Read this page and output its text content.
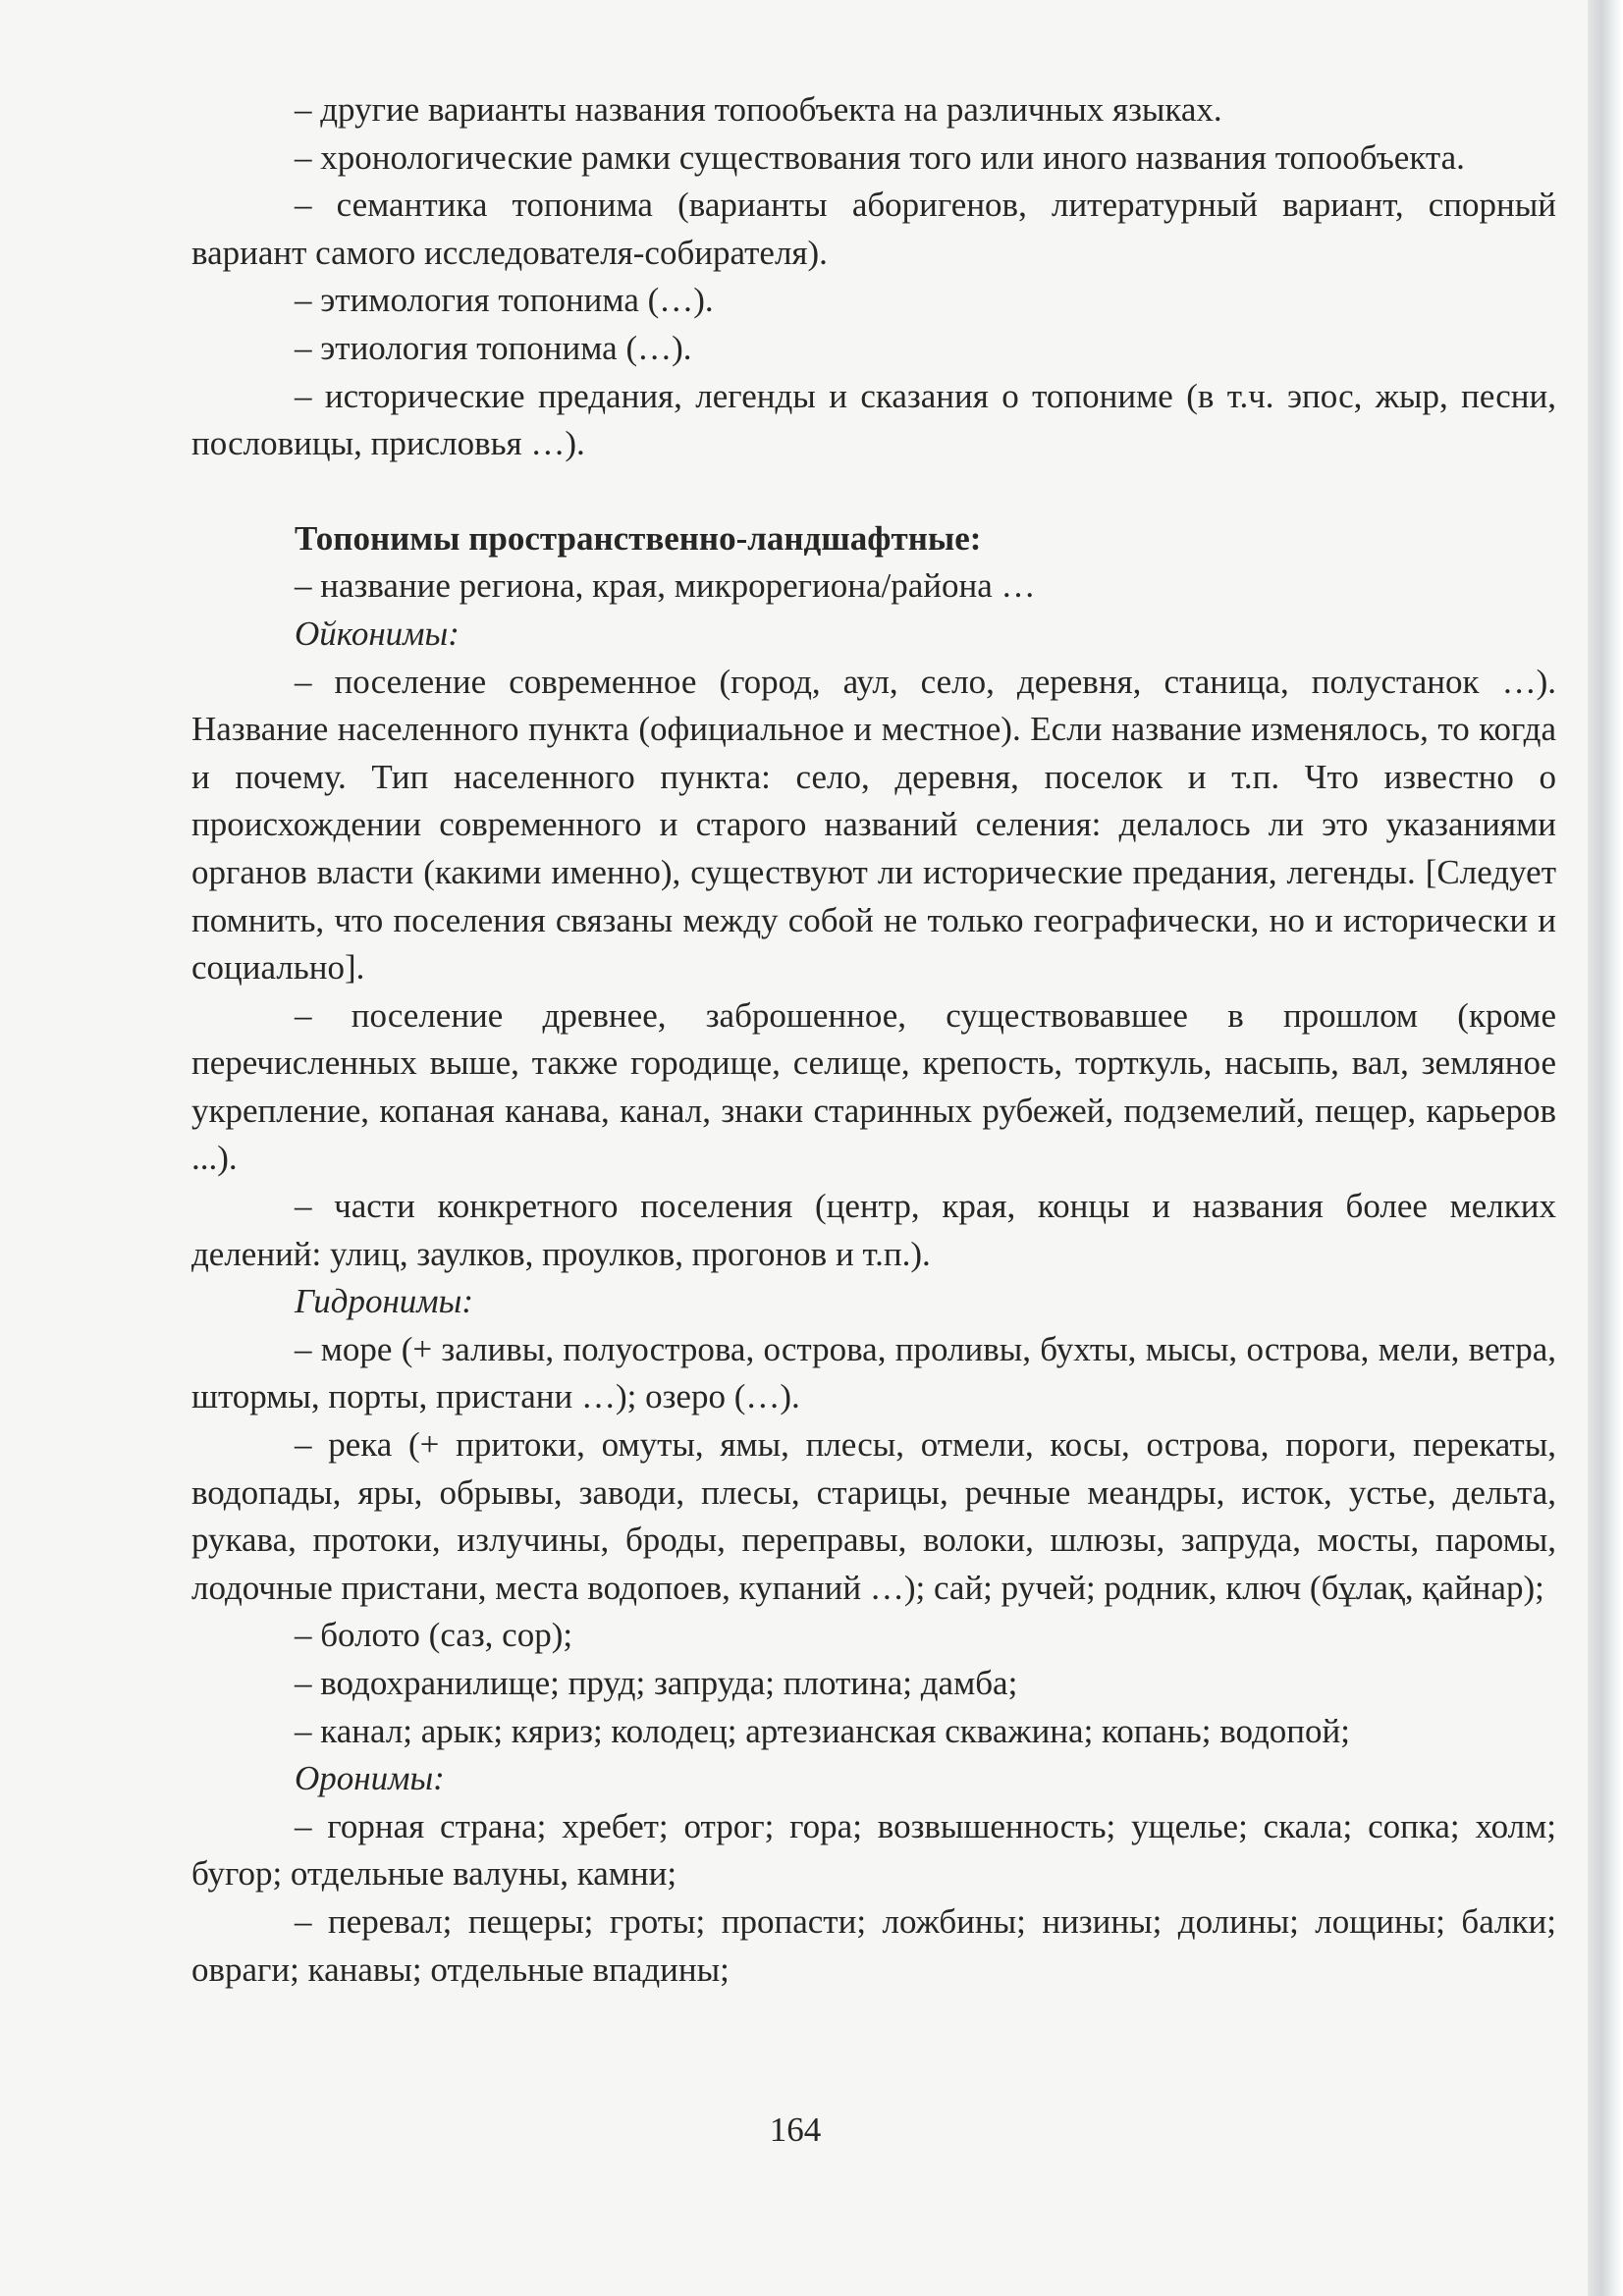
– другие варианты названия топообъекта на различных языках.

– хронологические рамки существования того или иного названия топообъекта.

– семантика топонима (варианты аборигенов, литературный вариант, спорный вариант самого исследователя-собирателя).

– этимология топонима (…).

– этиология топонима (…).

– исторические предания, легенды и сказания о топониме (в т.ч. эпос, жыр, песни, пословицы, присловья …).

Топонимы пространственно-ландшафтные:

– название региона, края, микрорегиона/района …

Ойконимы:

– поселение современное (город, аул, село, деревня, станица, полустанок …). Название населенного пункта (официальное и местное). Если название изменялось, то когда и почему. Тип населенного пункта: село, деревня, поселок и т.п. Что известно о происхождении современного и старого названий селения: делалось ли это указаниями органов власти (какими именно), существуют ли исторические предания, легенды. [Следует помнить, что поселения связаны между собой не только географически, но и исторически и социально].

– поселение древнее, заброшенное, существовавшее в прошлом (кроме перечисленных выше, также городище, селище, крепость, торткуль, насыпь, вал, земляное укрепление, копаная канава, канал, знаки старинных рубежей, подземелий, пещер, карьеров ...).

– части конкретного поселения (центр, края, концы и названия более мелких делений: улиц, заулков, проулков, прогонов и т.п.).

Гидронимы:

– море (+ заливы, полуострова, острова, проливы, бухты, мысы, острова, мели, ветра, штормы, порты, пристани …); озеро (…).

– река (+ притоки, омуты, ямы, плесы, отмели, косы, острова, пороги, перекаты, водопады, яры, обрывы, заводи, плесы, старицы, речные меандры, исток, устье, дельта, рукава, протоки, излучины, броды, переправы, волоки, шлюзы, запруда, мосты, паромы, лодочные пристани, места водопоев, купаний …); сай; ручей; родник, ключ (бұлақ, қайнар);

– болото (саз, сор);

– водохранилище; пруд; запруда; плотина; дамба;

– канал; арык; кяриз; колодец; артезианская скважина; копань; водопой;

Оронимы:

– горная страна; хребет; отрог; гора; возвышенность; ущелье; скала; сопка; холм; бугор; отдельные валуны, камни;

– перевал; пещеры; гроты; пропасти; ложбины; низины; долины; лощины; балки; овраги; канавы; отдельные впадины;

164
